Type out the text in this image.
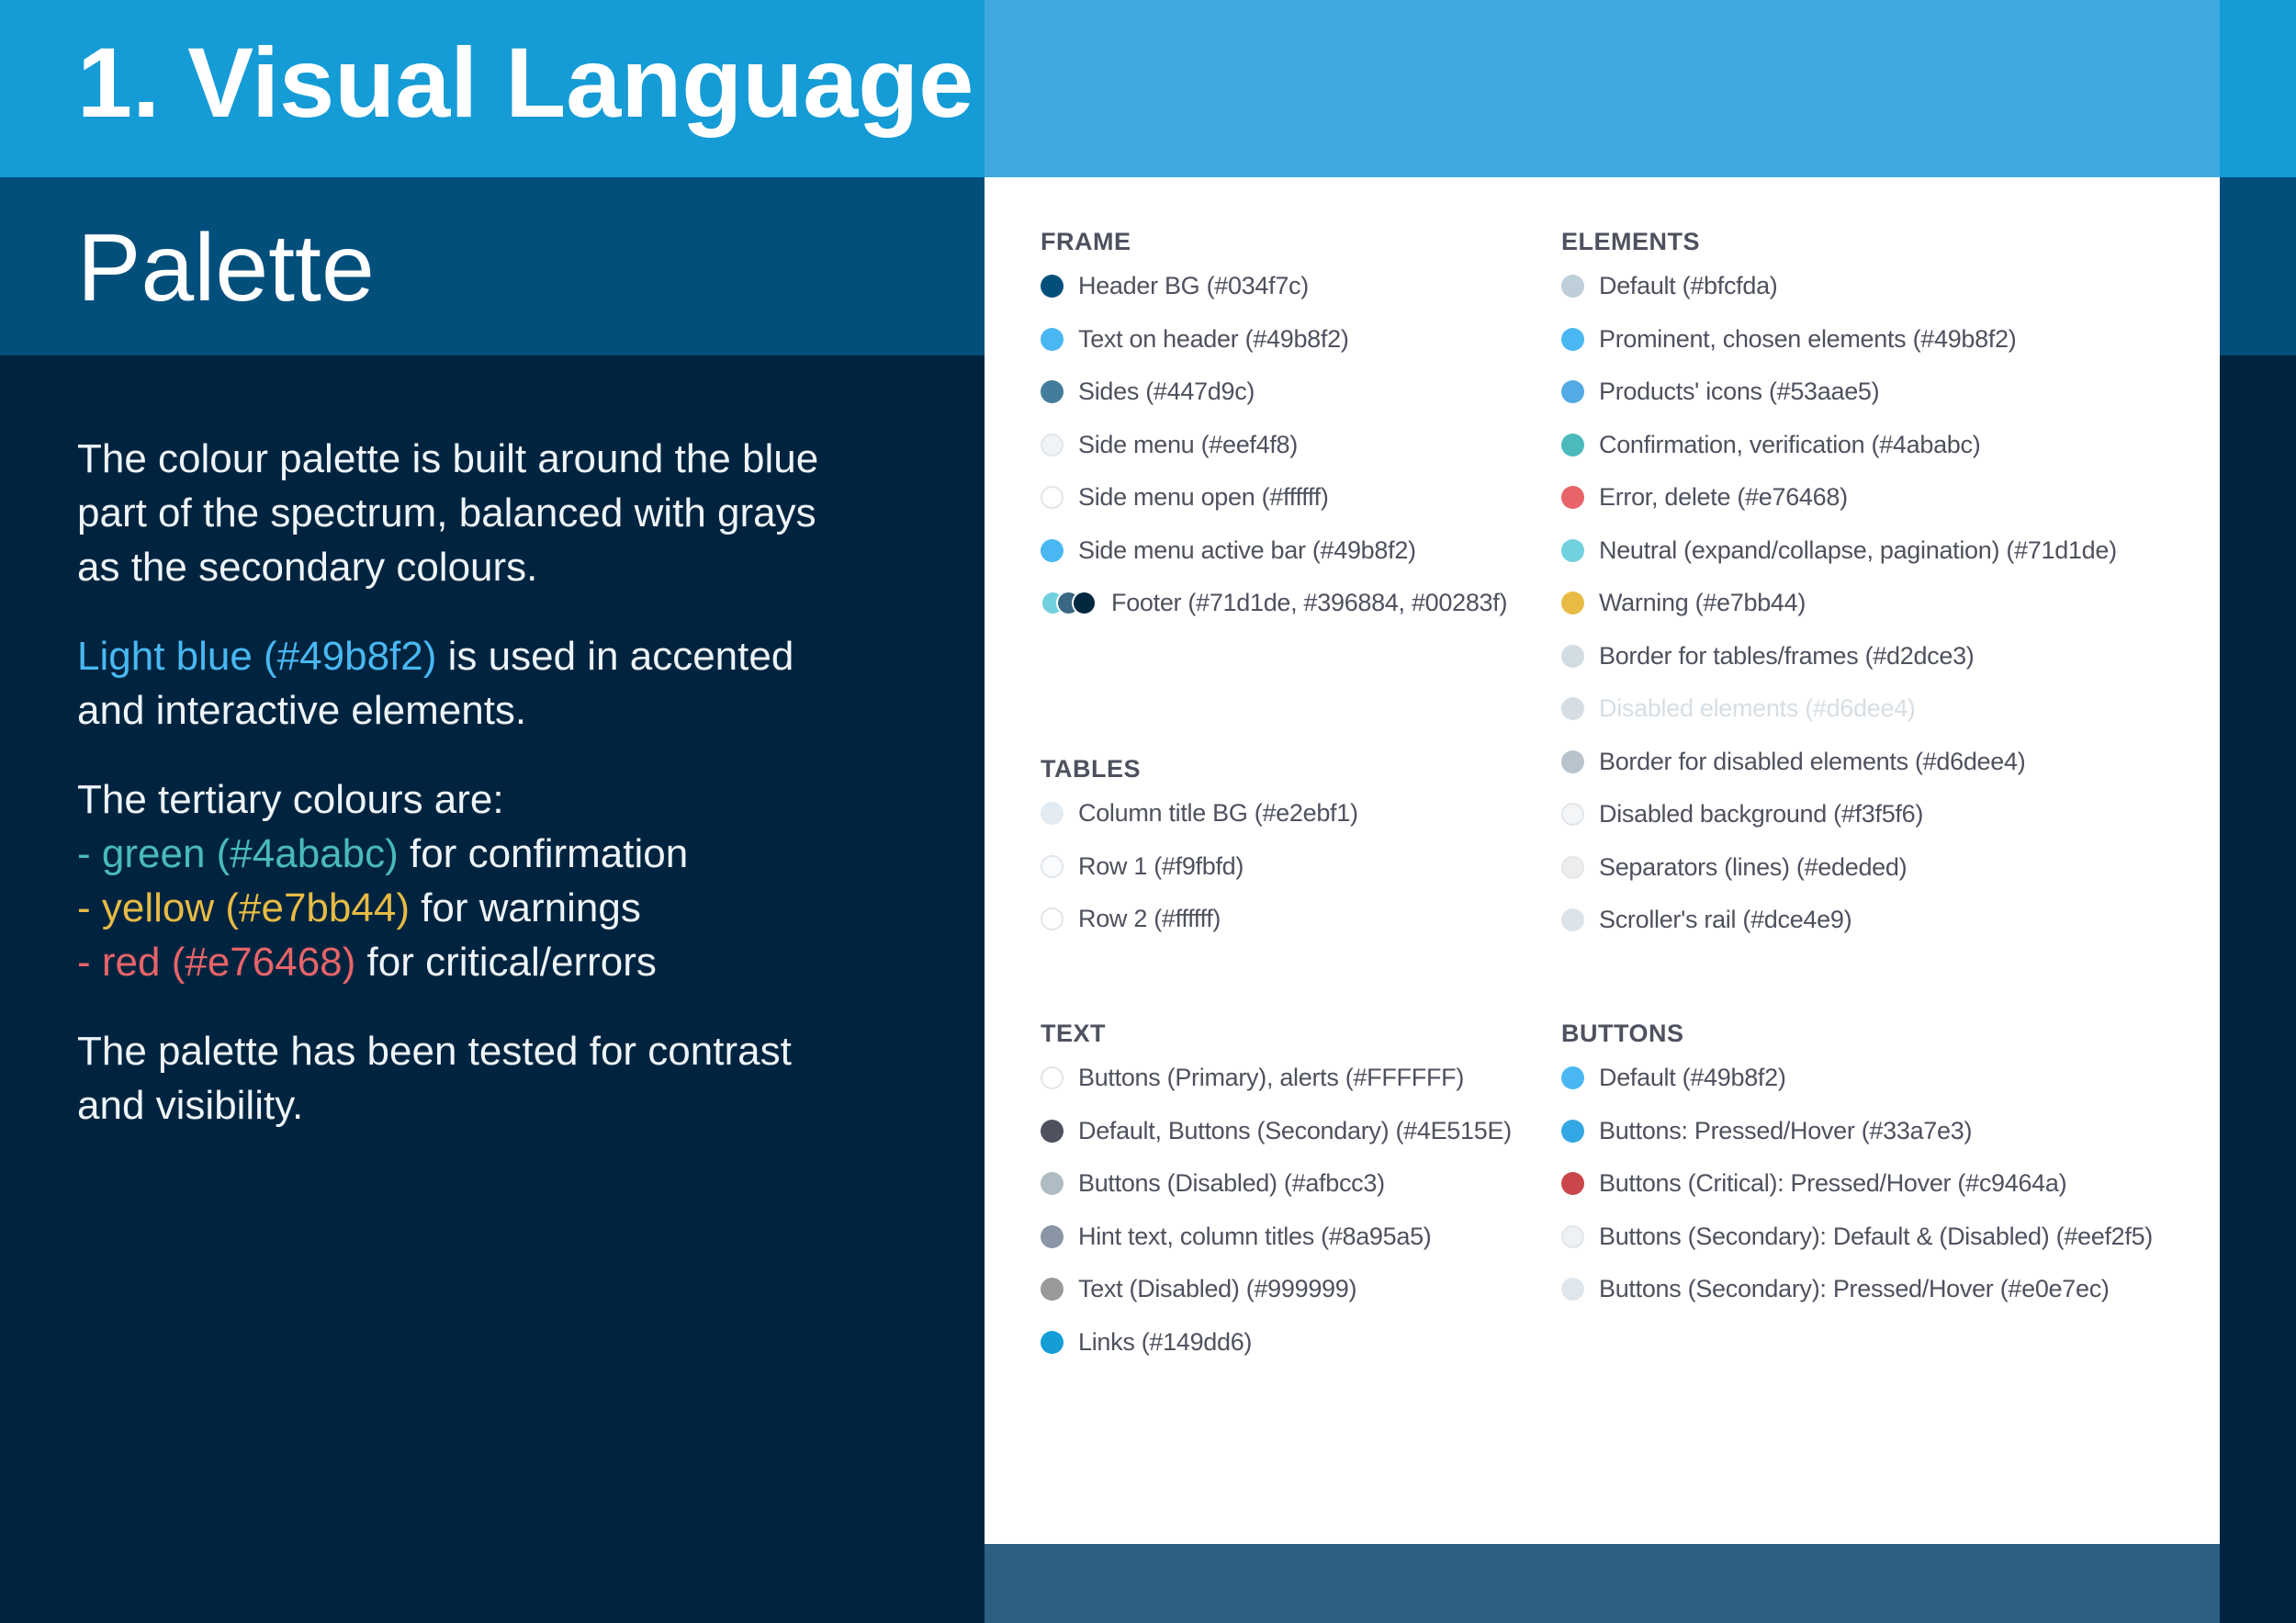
1. Visual Language
Palette

The colour palette is built around the blue
part of the spectrum, balanced with grays
as the secondary colours.

Light blue (#49b8f2) is used in accented
and interactive elements.

The tertiary colours are:
- green (#4ababc) for confirmation
- yellow (#e7bb44) for warnings
- red (#e76468) for critical/errors

The palette has been tested for contrast
and visibility.

FRAME
Header BG (#034f7c)
Text on header (#49b8f2)
Sides (#447d9c)
Side menu (#eef4f8)
Side menu open (#ffffff)
Side menu active bar (#49b8f2)
Footer (#71d1de, #396884, #00283f)
TABLES
Column title BG (#e2ebf1)
Row 1 (#f9fbfd)
Row 2 (#ffffff)
TEXT
Buttons (Primary), alerts (#FFFFFF)
Default, Buttons (Secondary) (#4E515E)
Buttons (Disabled) (#afbcc3)
Hint text, column titles (#8a95a5)
Text (Disabled) (#999999)
Links (#149dd6)
ELEMENTS
Default (#bfcfda)
Prominent, chosen elements (#49b8f2)
Products' icons (#53aae5)
Confirmation, verification (#4ababc)
Error, delete (#e76468)
Neutral (expand/collapse, pagination) (#71d1de)
Warning (#e7bb44)
Border for tables/frames (#d2dce3)
Disabled elements (#d6dee4)
Border for disabled elements (#d6dee4)
Disabled background (#f3f5f6)
Separators (lines) (#ededed)
Scroller's rail (#dce4e9)
BUTTONS
Default (#49b8f2)
Buttons: Pressed/Hover (#33a7e3)
Buttons (Critical): Pressed/Hover (#c9464a)
Buttons (Secondary): Default & (Disabled) (#eef2f5)
Buttons (Secondary): Pressed/Hover (#e0e7ec)
